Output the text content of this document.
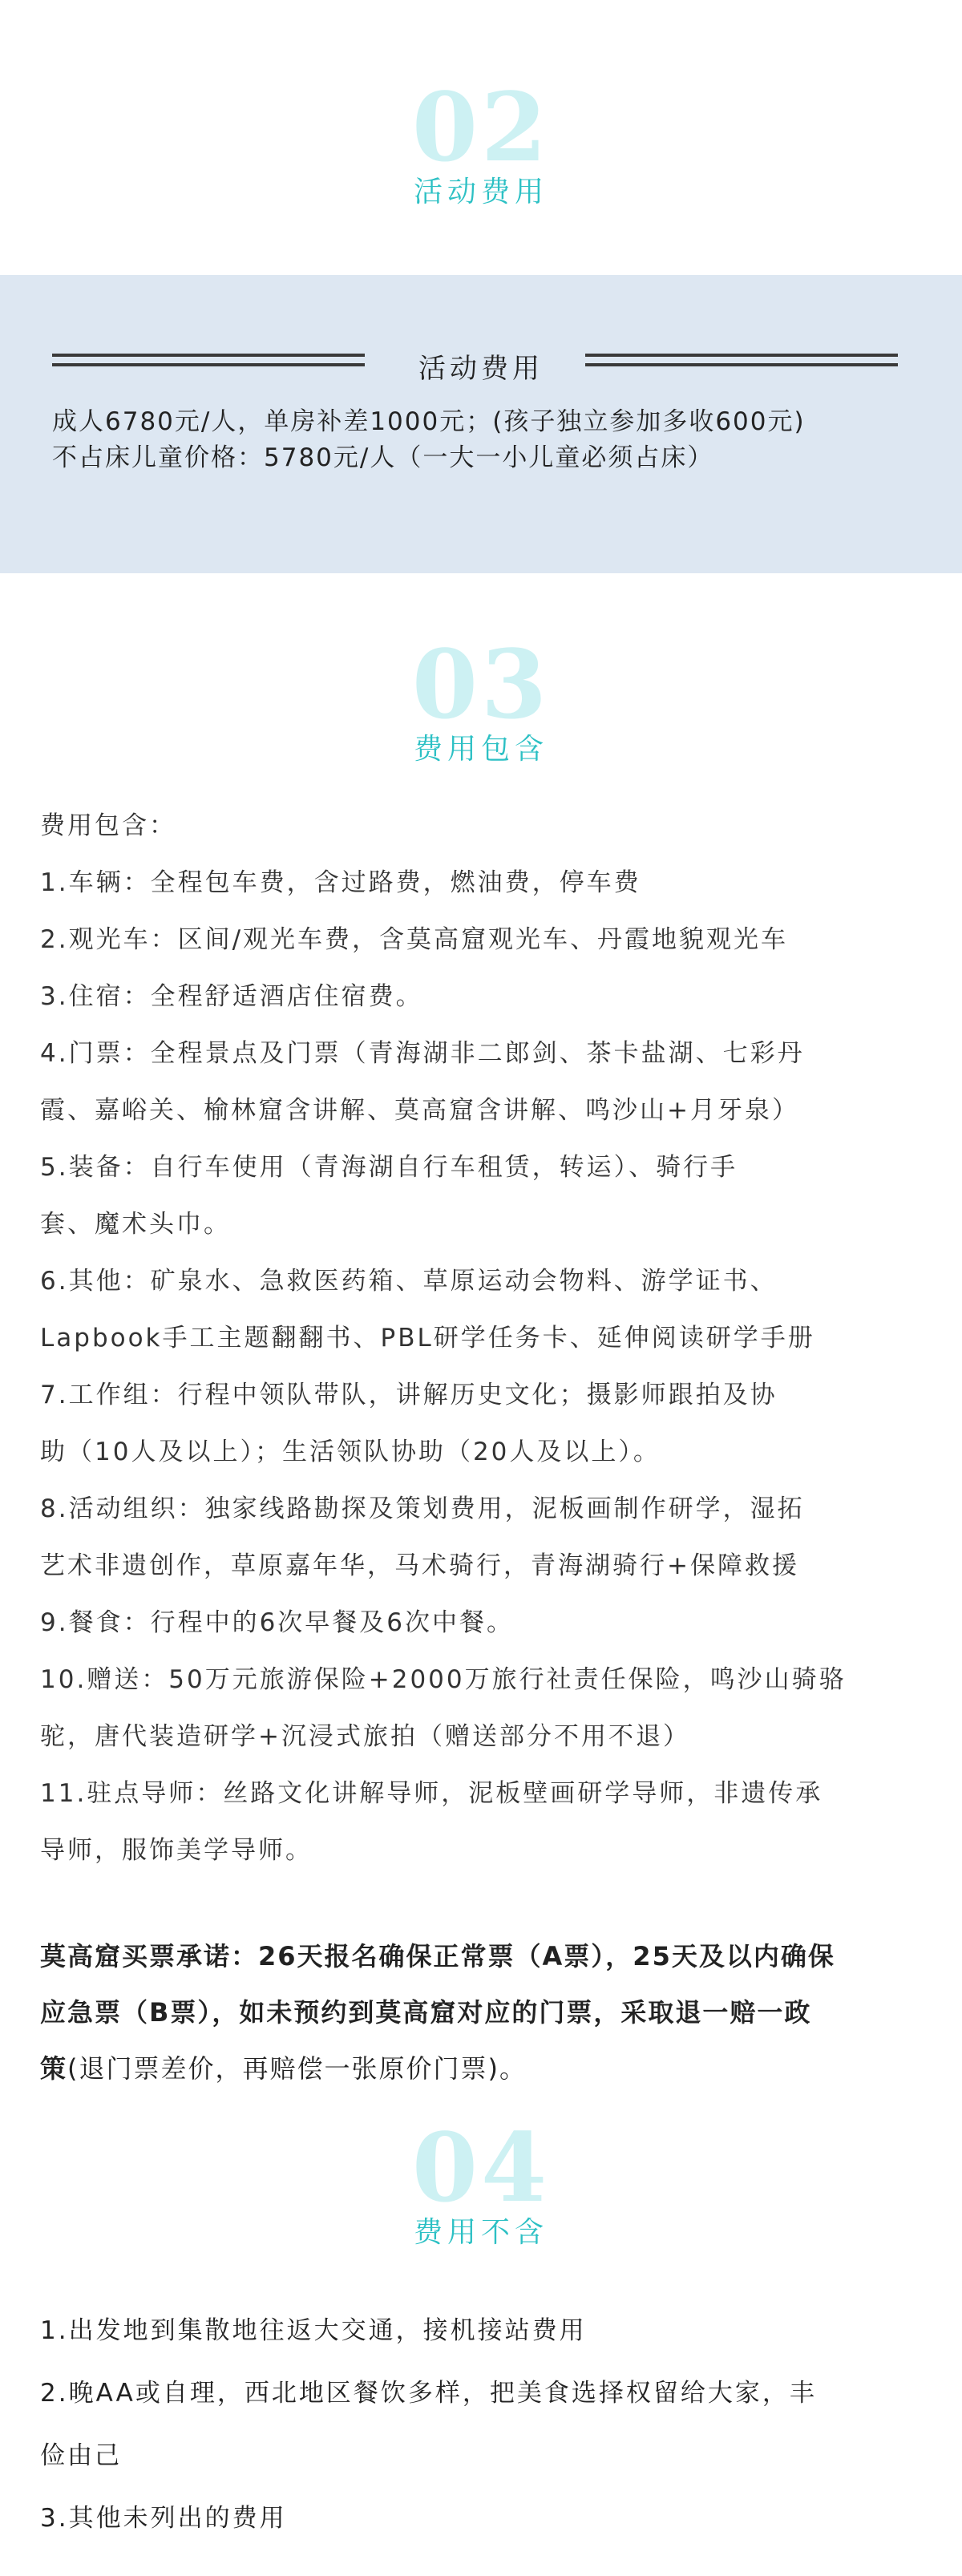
02
活动费用
活动费用
成人6780元/人，单房补差1000元；(孩子独立参加多收600元)
不占床儿童价格：5780元/人（一大一小儿童必须占床）
03
费用包含
费用包含：
1.车辆：全程包车费，含过路费，燃油费，停车费
2.观光车：区间/观光车费，含莫高窟观光车、丹霞地貌观光车
3.住宿：全程舒适酒店住宿费。
4.门票：全程景点及门票（青海湖非二郎剑、茶卡盐湖、七彩丹
霞、嘉峪关、榆林窟含讲解、莫高窟含讲解、鸣沙山+月牙泉）
5.装备：自行车使用（青海湖自行车租赁，转运）、骑行手
套、魔术头巾。
6.其他：矿泉水、急救医药箱、草原运动会物料、游学证书、
Lapbook手工主题翻翻书、PBL研学任务卡、延伸阅读研学手册
7.工作组：行程中领队带队，讲解历史文化；摄影师跟拍及协
助（10人及以上）；生活领队协助（20人及以上）。
8.活动组织：独家线路勘探及策划费用，泥板画制作研学，湿拓
艺术非遗创作，草原嘉年华，马术骑行，青海湖骑行+保障救援
9.餐食：行程中的6次早餐及6次中餐。
10.赠送：50万元旅游保险+2000万旅行社责任保险，鸣沙山骑骆
驼，唐代装造研学+沉浸式旅拍（赠送部分不用不退）
11.驻点导师：丝路文化讲解导师，泥板壁画研学导师，非遗传承
导师，服饰美学导师。
莫高窟买票承诺：26天报名确保正常票（A票），25天及以内确保
应急票（B票），如未预约到莫高窟对应的门票，采取退一赔一政
策(退门票差价，再赔偿一张原价门票)。
04
费用不含
1.出发地到集散地往返大交通，接机接站费用
2.晚AA或自理，西北地区餐饮多样，把美食选择权留给大家，丰
俭由己
3.其他未列出的费用
